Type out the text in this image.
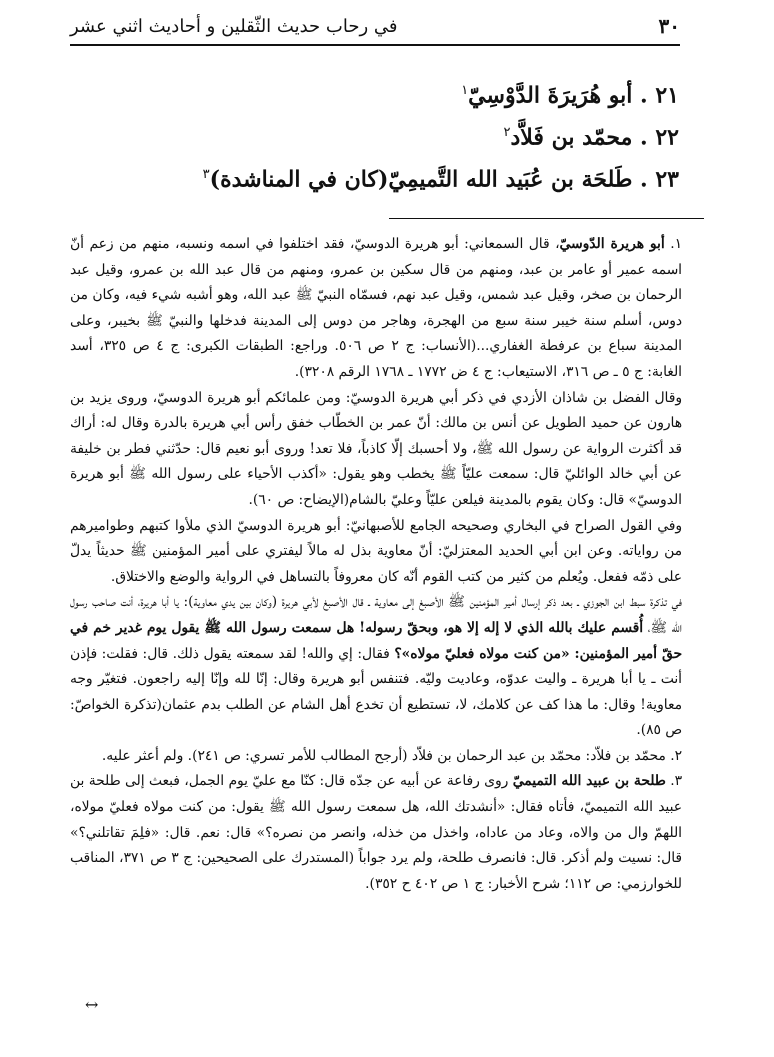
٣٠
في رحاب حديث الثّقلين و أحاديث اثني عشر
٢١ . أبو هُرَيرَةَ الدَّوْسِيّ$^١$
٢٢ . محمّد بن فَلاَّد$^٢$
٢٣ . طَلحَة بن عُبَيد الله التَّميمِيّ(كان في المناشدة)$^٣$

١. أبو هريرة الدّوسيّ، قال السمعاني: أبو هريرة الدوسيّ، فقد اختلفوا في اسمه ونسبه، منهم من زعم أنّ اسمه عمير أو عامر بن عبد، ومنهم من قال سكين بن عمرو، ومنهم من قال عبد الله بن عمرو، وقيل عبد الرحمان بن صخر، وقيل عبد شمس، وقيل عبد نهم، فسمّاه النبيّ ﷺ عبد الله، وهو أشبه شيء فيه، وكان من دوس، أسلم سنة خيبر سنة سبع من الهجرة، وهاجر من دوس إلى المدينة فدخلها والنبيّ ﷺ بخيبر، وعلى المدينة سباع بن عرفطة الغفاري...(الأنساب: ج ٢ ص ٥٠٦. وراجع: الطبقات الكبرى: ج ٤ ص ٣٢٥، أسد الغابة: ج ٥ ـ ص ٣١٦، الاستيعاب: ج ٤ ض ١٧٧٢ ـ ١٧٦٨ الرقم ٣٢٠٨).

وقال الفضل بن شاذان الأزدي في ذكر أبي هريرة الدوسيّ: ومن علمائكم أبو هريرة الدوسيّ، وروى يزيد بن هارون عن حميد الطويل عن أنس بن مالك: أنّ عمر بن الخطّاب خفق رأس أبي هريرة بالدرة وقال له: أراك قد أكثرت الرواية عن رسول الله ﷺ، ولا أحسبك إلّا كاذباً، فلا تعد! وروى أبو نعيم قال: حدّثني فطر بن خليفة عن أبي خالد الوائليّ قال: سمعت عليّاً ﷺ يخطب وهو يقول: «أكذب الأحياء على رسول الله ﷺ أبو هريرة الدوسيّ» قال: وكان يقوم بالمدينة فيلعن عليّاً وعليّ بالشام(الإيضاح: ص ٦٠).

وفي القول الصراح في البخاري وصحيحه الجامع للأصبهانيّ: أبو هريرة الدوسيّ الذي ملأوا كتبهم وطواميرهم من رواياته. وعن ابن أبي الحديد المعتزليّ: أنّ معاوية بذل له مالاً ليفتري على أمير المؤمنين ﷺ حديثاً يدلّ على ذمّه ففعل. ويُعلم من كثير من كتب القوم أنّه كان معروفاً بالتساهل في الرواية والوضع والاختلاق.

في تذكرة سبط ابن الجوزي ـ بعد ذكر إرسال أمير المؤمنين ﷺ الأصبغ إلى معاوية ـ قال الأصبغ لأبي هريرة (وكان بين يدي معاوية): يا أبا هريرة، أنت صاحب رسول الله ﷺ، أُقسم عليك بالله الذي لا إله إلا هو، وبحقّ رسوله! هل سمعت رسول الله ﷺ يقول يوم غدير خم في حقّ أمير المؤمنين: «من كنت مولاه فعليّ مولاه»؟ فقال: إي والله! لقد سمعته يقول ذلك. قال: فقلت: فإذن أنت ـ يا أبا هريرة ـ واليت عدوّه، وعاديت وليّه. فتنفس أبو هريرة وقال: إنّا لله وإنّا إليه راجعون. فتغيّر وجه معاوية! وقال: ما هذا كف عن كلامك، لا، تستطيع أن تخدع أهل الشام عن الطلب بدم عثمان(تذكرة الخواصّ: ص ٨٥).

٢. محمّد بن فلاّد: محمّد بن عبد الرحمان بن فلاّد (أرجح المطالب للأمر تسري: ص ٢٤١). ولم أعثر عليه.

٣. طلحة بن عبيد الله التميميّ روى رفاعة عن أبيه عن جدّه قال: كنّا مع عليّ يوم الجمل، فبعث إلى طلحة بن عبيد الله التميميّ، فأتاه فقال: «أنشدتك الله، هل سمعت رسول الله ﷺ يقول: من كنت مولاه فعليّ مولاه، اللهمّ وال من والاه، وعاد من عاداه، واخذل من خذله، وانصر من نصره؟» قال: نعم. قال: «فلِمَ تقاتلني؟» قال: نسيت ولم أذكر. قال: فانصرف طلحة، ولم يرد جواباً (المستدرك على الصحيحين: ج ٣ ص ٣٧١، المناقب للخوارزمي: ص ١١٢؛ شرح الأخبار: ج ١ ص ٤٠٢ ح ٣٥٢).

↔
